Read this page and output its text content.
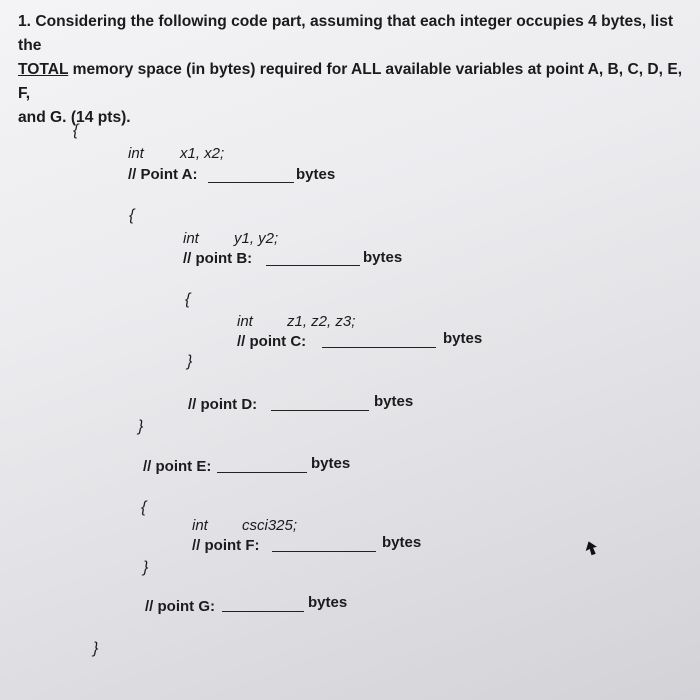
1. Considering the following code part, assuming that each integer occupies 4 bytes, list the
TOTAL memory space (in bytes) required for ALL available variables at point A, B, C, D, E, F,
and G. (14 pts).

{
int x1, x2;
// Point A:	bytes
{
int y1, y2;
// point B:	bytes
{
int z1, z2, z3;
// point C:	bytes
}
// point D:	bytes
}
// point E:	bytes
{
int csci325;
// point F:	bytes
}
// point G:	bytes
}
